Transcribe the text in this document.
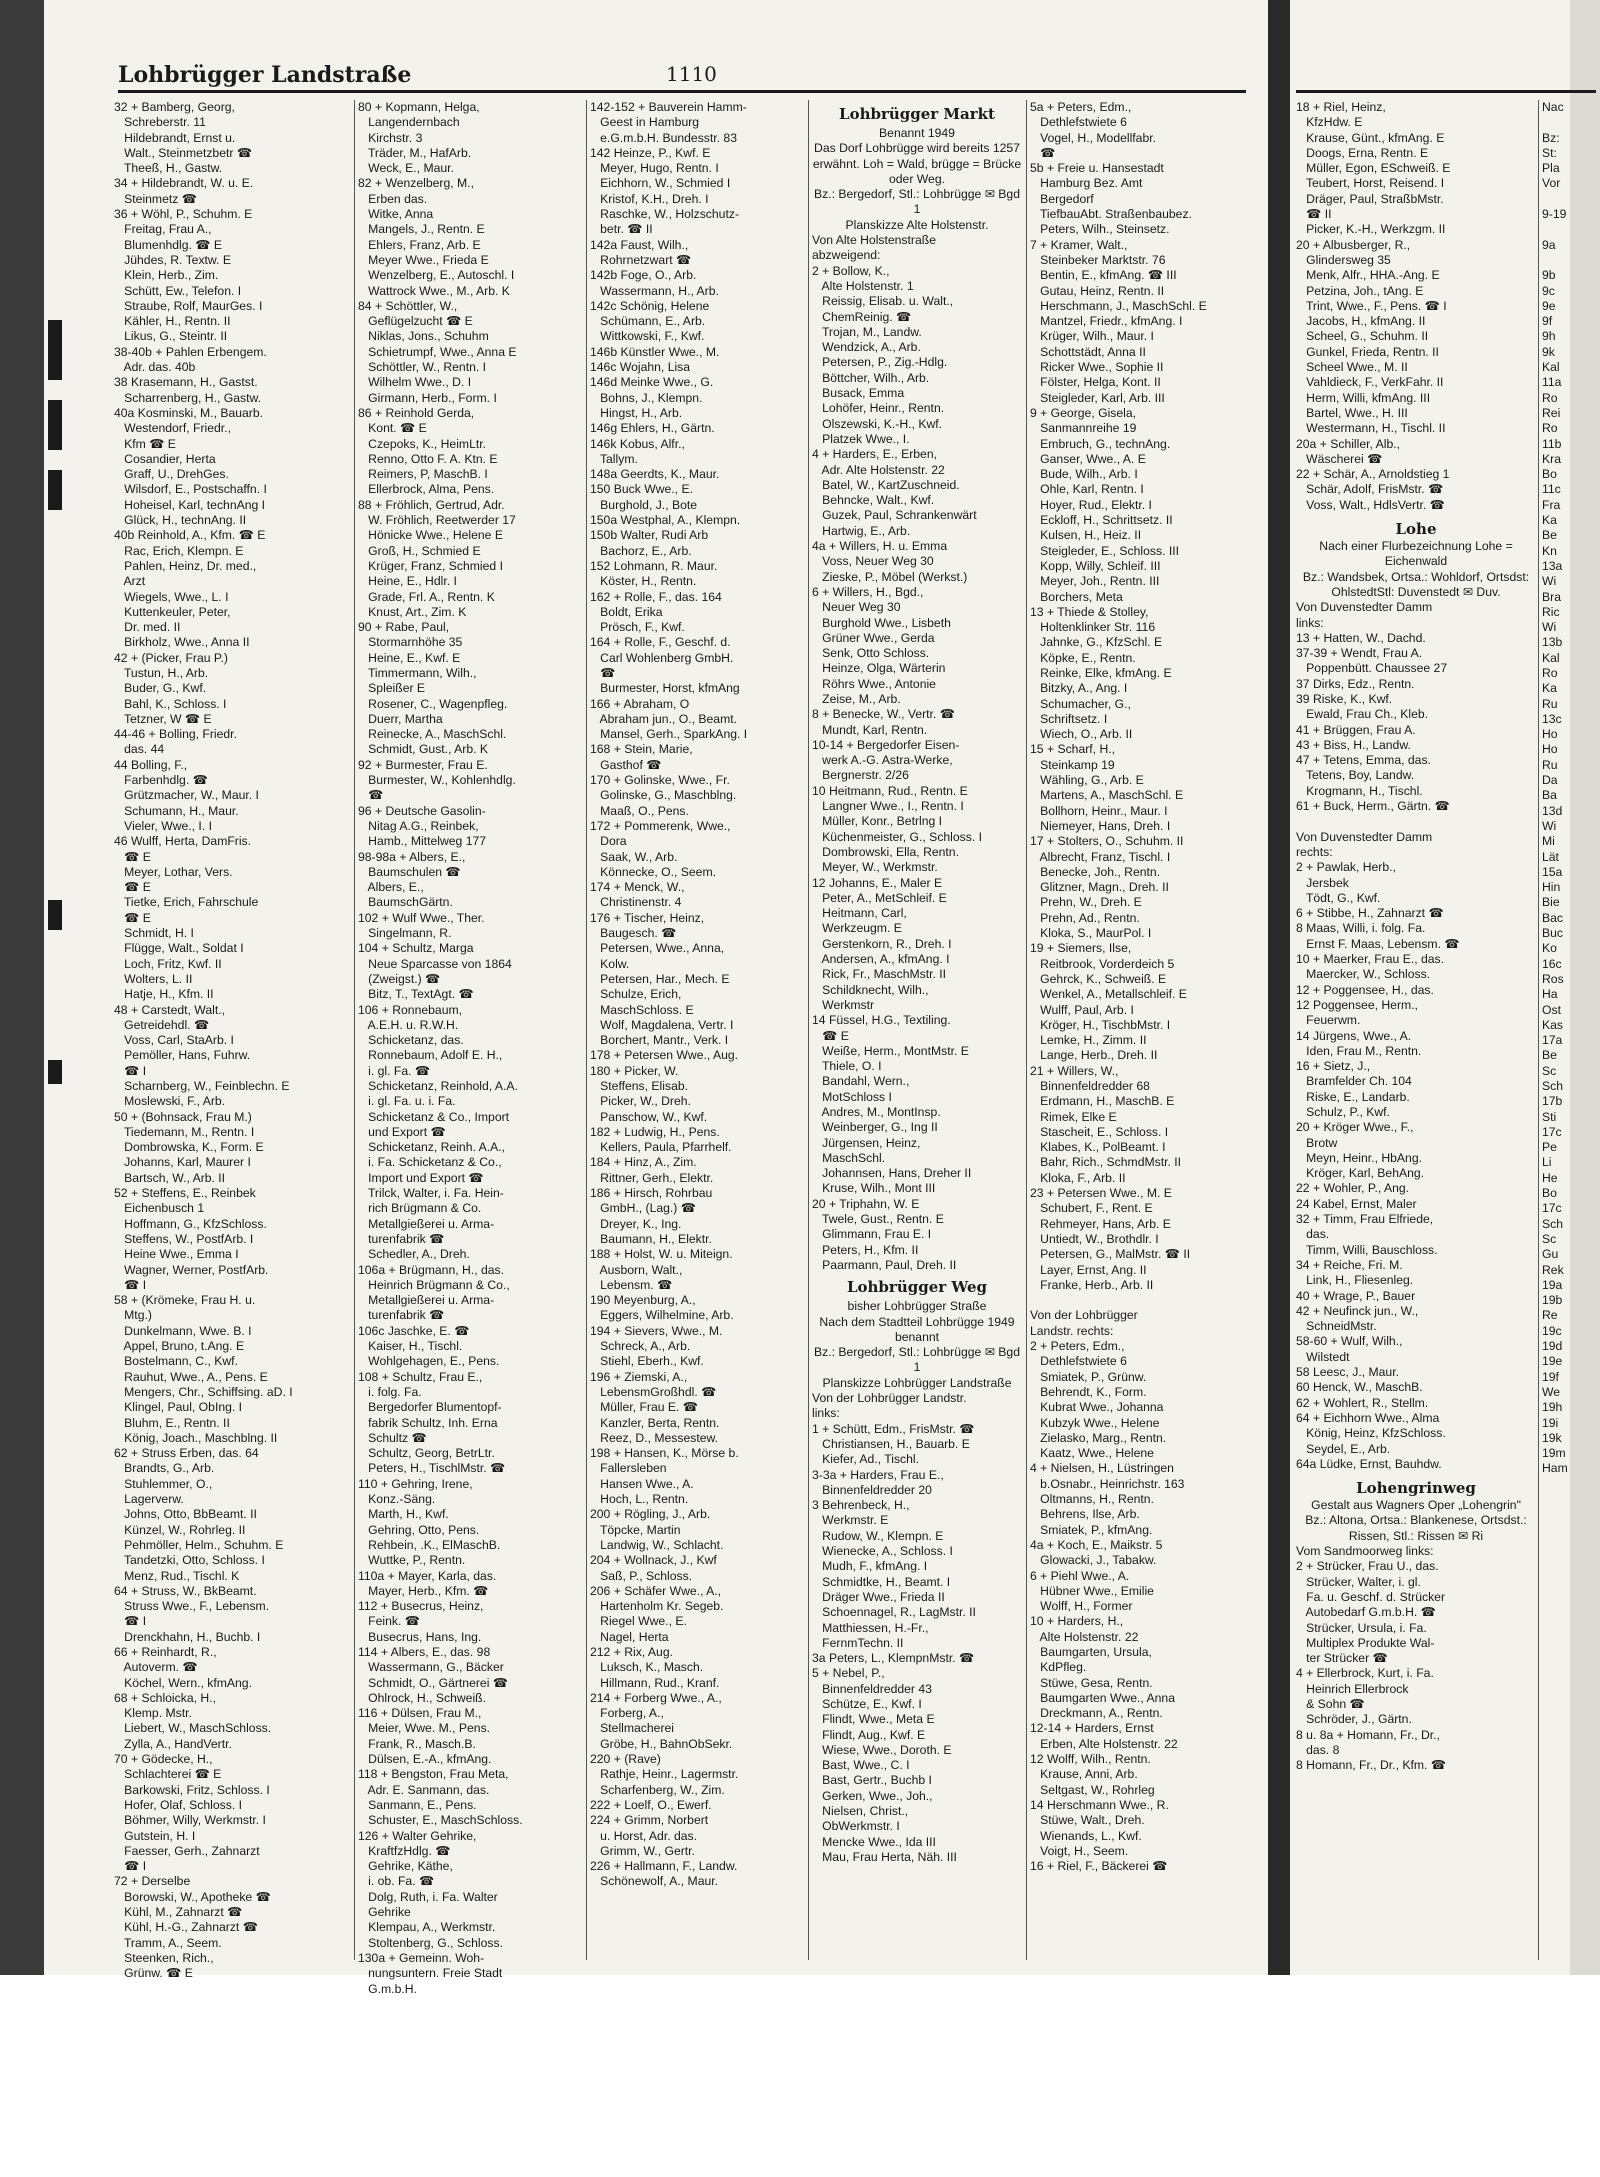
Lohbrügger Landstraße	1110
32 + Bamberg, Georg,
Schreberstr. 11
Hildebrandt, Ernst u.
Walt., Steinmetzbetr ☎
Theeß, H., Gastw.
34 + Hildebrandt, W. u. E.
Steinmetz ☎
36 + Wöhl, P., Schuhm. E
Freitag, Frau A.,
Blumenhdlg. ☎ E
Jühdes, R. Textw. E
Klein, Herb., Zim.
Schütt, Ew., Telefon. I
Straube, Rolf, MaurGes. I
Kähler, H., Rentn. II
Likus, G., Steintr. II
38-40b + Pahlen Erbengem.
Adr. das. 40b
38 Krasemann, H., Gastst.
Scharrenberg, H., Gastw.
40a Kosminski, M., Bauarb.
Westendorf, Friedr.,
Kfm ☎ E
Cosandier, Herta
Graff, U., DrehGes.
Wilsdorf, E., Postschaffn. I
Hoheisel, Karl, technAng I
Glück, H., technAng. II
40b Reinhold, A., Kfm. ☎ E
Rac, Erich, Klempn. E
Pahlen, Heinz, Dr. med.,
Arzt
Wiegels, Wwe., L. I
Kuttenkeuler, Peter,
Dr. med. II
Birkholz, Wwe., Anna II
42 + (Picker, Frau P.)
Tustun, H., Arb.
Buder, G., Kwf.
Bahl, K., Schloss. I
Tetzner, W ☎ E
44-46 + Bolling, Friedr.
das. 44
44 Bolling, F.,
Farbenhdlg. ☎
Grützmacher, W., Maur. I
Schumann, H., Maur.
Vieler, Wwe., I. I
46 Wulff, Herta, DamFris.
☎ E
Meyer, Lothar, Vers.
☎ E
Tietke, Erich, Fahrschule
☎ E
Schmidt, H. I
Flügge, Walt., Soldat I
Loch, Fritz, Kwf. II
Wolters, L. II
Hatje, H., Kfm. II
48 + Carstedt, Walt.,
Getreidehdl. ☎
Voss, Carl, StaArb. I
Pemöller, Hans, Fuhrw.
☎ I
Scharnberg, W., Feinblechn. E
Moslewski, F., Arb.
50 + (Bohnsack, Frau M.)
Tiedemann, M., Rentn. I
Dombrowska, K., Form. E
Johanns, Karl, Maurer I
Bartsch, W., Arb. II
52 + Steffens, E., Reinbek
Eichenbusch 1
Hoffmann, G., KfzSchloss.
Steffens, W., PostfArb. I
Heine Wwe., Emma I
Wagner, Werner, PostfArb.
☎ I
58 + (Krömeke, Frau H. u.
Mtg.)
Dunkelmann, Wwe. B. I
Appel, Bruno, t.Ang. E
Bostelmann, C., Kwf.
Rauhut, Wwe., A., Pens. E
Mengers, Chr., Schiffsing. aD. I
Klingel, Paul, ObIng. I
Bluhm, E., Rentn. II
König, Joach., Maschblng. II
62 + Struss Erben, das. 64
Brandts, G., Arb.
Stuhlemmer, O.,
Lagerverw.
Johns, Otto, BbBeamt. II
Künzel, W., Rohrleg. II
Pehmöller, Helm., Schuhm. E
Tandetzki, Otto, Schloss. I
Menz, Rud., Tischl. K
64 + Struss, W., BkBeamt.
Struss Wwe., F., Lebensm.
☎ I
Drenckhahn, H., Buchb. I
66 + Reinhardt, R.,
Autoverm. ☎
Köchel, Wern., kfmAng.
68 + Schloicka, H.,
Klemp. Mstr.
Liebert, W., MaschSchloss.
Zylla, A., HandVertr.
70 + Gödecke, H.,
Schlachterei ☎ E
Barkowski, Fritz, Schloss. I
Hofer, Olaf, Schloss. I
Böhmer, Willy, Werkmstr. I
Gutstein, H. I
Faesser, Gerh., Zahnarzt
☎ I
72 + Derselbe
Borowski, W., Apotheke ☎
Kühl, M., Zahnarzt ☎
Kühl, H.-G., Zahnarzt ☎
Tramm, A., Seem.
Steenken, Rich.,
Grünw. ☎ E
80 + Kopmann, Helga,
Langendernbach
Kirchstr. 3
Träder, M., HafArb.
Weck, E., Maur.
82 + Wenzelberg, M.,
Erben das.
Witke, Anna
Mangels, J., Rentn. E
Ehlers, Franz, Arb. E
Meyer Wwe., Frieda E
Wenzelberg, E., Autoschl. I
Wattrock Wwe., M., Arb. K
84 + Schöttler, W.,
Geflügelzucht ☎ E
Niklas, Jons., Schuhm
Schietrumpf, Wwe., Anna E
Schöttler, W., Rentn. I
Wilhelm Wwe., D. I
Girmann, Herb., Form. I
86 + Reinhold Gerda,
Kont. ☎ E
Czepoks, K., HeimLtr.
Renno, Otto F. A. Ktn. E
Reimers, P, MaschB. I
Ellerbrock, Alma, Pens.
88 + Fröhlich, Gertrud, Adr.
W. Fröhlich, Reetwerder 17
Hönicke Wwe., Helene E
Groß, H., Schmied E
Krüger, Franz, Schmied I
Heine, E., Hdlr. I
Grade, Frl. A., Rentn. K
Knust, Art., Zim. K
90 + Rabe, Paul,
Stormarnhöhe 35
Heine, E., Kwf. E
Timmermann, Wilh.,
Spleißer E
Rosener, C., Wagenpfleg.
Duerr, Martha
Reinecke, A., MaschSchl.
Schmidt, Gust., Arb. K
92 + Burmester, Frau E.
Burmester, W., Kohlenhdlg.
☎
96 + Deutsche Gasolin-
Nitag A.G., Reinbek,
Hamb., Mittelweg 177
98-98a + Albers, E.,
Baumschulen ☎
Albers, E.,
BaumschGärtn.
102 + Wulf Wwe., Ther.
Singelmann, R.
104 + Schultz, Marga
Neue Sparcasse von 1864
(Zweigst.) ☎
Bitz, T., TextAgt. ☎
106 + Ronnebaum,
A.E.H. u. R.W.H.
Schicketanz, das.
Ronnebaum, Adolf E. H.,
i. gl. Fa. ☎
Schicketanz, Reinhold, A.A.
i. gl. Fa. u. i. Fa.
Schicketanz & Co., Import
und Export ☎
Schicketanz, Reinh. A.A.,
i. Fa. Schicketanz & Co.,
Import und Export ☎
Trilck, Walter, i. Fa. Hein-
rich Brügmann & Co.
Metallgießerei u. Arma-
turenfabrik ☎
Schedler, A., Dreh.
106a + Brügmann, H., das.
Heinrich Brügmann & Co.,
Metallgießerei u. Arma-
turenfabrik ☎
106c Jaschke, E. ☎
Kaiser, H., Tischl.
Wohlgehagen, E., Pens.
108 + Schultz, Frau E.,
i. folg. Fa.
Bergedorfer Blumentopf-
fabrik Schultz, Inh. Erna
Schultz ☎
Schultz, Georg, BetrLtr.
Peters, H., TischlMstr. ☎
110 + Gehring, Irene,
Konz.-Säng.
Marth, H., Kwf.
Gehring, Otto, Pens.
Rehbein, .K., ElMaschB.
Wuttke, P., Rentn.
110a + Mayer, Karla, das.
Mayer, Herb., Kfm. ☎
112 + Busecrus, Heinz,
Feink. ☎
Busecrus, Hans, Ing.
114 + Albers, E., das. 98
Wassermann, G., Bäcker
Schmidt, O., Gärtnerei ☎
Ohlrock, H., Schweiß.
116 + Dülsen, Frau M.,
Meier, Wwe. M., Pens.
Frank, R., Masch.B.
Dülsen, E.-A., kfmAng.
118 + Bengston, Frau Meta,
Adr. E. Sanmann, das.
Sanmann, E., Pens.
Schuster, E., MaschSchloss.
126 + Walter Gehrike,
KraftfzHdlg. ☎
Gehrike, Käthe,
i. ob. Fa. ☎
Dolg, Ruth, i. Fa. Walter
Gehrike
Klempau, A., Werkmstr.
Stoltenberg, G., Schloss.
130a + Gemeinn. Woh-
nungsuntern. Freie Stadt
G.m.b.H.
142-152 + Bauverein Hamm-
Geest in Hamburg
e.G.m.b.H. Bundesstr. 83
142 Heinze, P., Kwf. E
Meyer, Hugo, Rentn. I
Eichhorn, W., Schmied I
Kristof, K.H., Dreh. I
Raschke, W., Holzschutz-
betr. ☎ II
142a Faust, Wilh.,
Rohrnetzwart ☎
142b Foge, O., Arb.
Wassermann, H., Arb.
142c Schönig, Helene
Schümann, E., Arb.
Wittkowski, F., Kwf.
146b Künstler Wwe., M.
146c Wojahn, Lisa
146d Meinke Wwe., G.
Bohns, J., Klempn.
Hingst, H., Arb.
146g Ehlers, H., Gärtn.
146k Kobus, Alfr.,
Tallym.
148a Geerdts, K., Maur.
150 Buck Wwe., E.
Burghold, J., Bote
150a Westphal, A., Klempn.
150b Walter, Rudi Arb
Bachorz, E., Arb.
152 Lohmann, R. Maur.
Köster, H., Rentn.
162 + Rolle, F., das. 164
Boldt, Erika
Prösch, F., Kwf.
164 + Rolle, F., Geschf. d.
Carl Wohlenberg GmbH.
☎
Burmester, Horst, kfmAng
166 + Abraham, O
Abraham jun., O., Beamt.
Mansel, Gerh., SparkAng. I
168 + Stein, Marie,
Gasthof ☎
170 + Golinske, Wwe., Fr.
Golinske, G., Maschblng.
Maaß, O., Pens.
172 + Pommerenk, Wwe.,
Dora
Saak, W., Arb.
Könnecke, O., Seem.
174 + Menck, W.,
Christinenstr. 4
176 + Tischer, Heinz,
Baugesch. ☎
Petersen, Wwe., Anna,
Kolw.
Petersen, Har., Mech. E
Schulze, Erich,
MaschSchloss. E
Wolf, Magdalena, Vertr. I
Borchert, Mantr., Verk. I
178 + Petersen Wwe., Aug.
180 + Picker, W.
Steffens, Elisab.
Picker, W., Dreh.
Panschow, W., Kwf.
182 + Ludwig, H., Pens.
Kellers, Paula, Pfarrhelf.
184 + Hinz, A., Zim.
Rittner, Gerh., Elektr.
186 + Hirsch, Rohrbau
GmbH., (Lag.) ☎
Dreyer, K., Ing.
Baumann, H., Elektr.
188 + Holst, W. u. Miteign.
Ausborn, Walt.,
Lebensm. ☎
190 Meyenburg, A.,
Eggers, Wilhelmine, Arb.
194 + Sievers, Wwe., M.
Schreck, A., Arb.
Stiehl, Eberh., Kwf.
196 + Ziemski, A.,
LebensmGroßhdl. ☎
Müller, Frau E. ☎
Kanzler, Berta, Rentn.
Reez, D., Messestew.
198 + Hansen, K., Mörse b.
Fallersleben
Hansen Wwe., A.
Hoch, L., Rentn.
200 + Rögling, J., Arb.
Töpcke, Martin
Landwig, W., Schlacht.
204 + Wollnack, J., Kwf
Saß, P., Schloss.
206 + Schäfer Wwe., A.,
Hartenholm Kr. Segeb.
Riegel Wwe., E.
Nagel, Herta
212 + Rix, Aug.
Luksch, K., Masch.
Hillmann, Rud., Kranf.
214 + Forberg Wwe., A.,
Forberg, A.,
Stellmacherei
Gröbe, H., BahnObSekr.
220 + (Rave)
Rathje, Heinr., Lagermstr.
Scharfenberg, W., Zim.
222 + Loelf, O., Ewerf.
224 + Grimm, Norbert
u. Horst, Adr. das.
Grimm, W., Gertr.
226 + Hallmann, F., Landw.
Schönewolf, A., Maur.
Lohbrügger Markt
Benannt 1949
Das Dorf Lohbrügge wird bereits 1257 erwähnt. Loh = Wald, brügge = Brücke oder Weg.
Bz.: Bergedorf, Stl.: Lohbrügge ✉ Bgd 1
Planskizze Alte Holstenstr.
Von Alte Holstenstraße
abzweigend:
2 + Bollow, K.,
Alte Holstenstr. 1
Reissig, Elisab. u. Walt.,
ChemReinig. ☎
Trojan, M., Landw.
Wendzick, A., Arb.
Petersen, P., Zig.-Hdlg.
Böttcher, Wilh., Arb.
Busack, Emma
Lohöfer, Heinr., Rentn.
Olszewski, K.-H., Kwf.
Platzek Wwe., I.
4 + Harders, E., Erben,
Adr. Alte Holstenstr. 22
Batel, W., KartZuschneid.
Behncke, Walt., Kwf.
Guzek, Paul, Schrankenwärt
Hartwig, E., Arb.
4a + Willers, H. u. Emma
Voss, Neuer Weg 30
Zieske, P., Möbel (Werkst.)
6 + Willers, H., Bgd.,
Neuer Weg 30
Burghold Wwe., Lisbeth
Grüner Wwe., Gerda
Senk, Otto Schloss.
Heinze, Olga, Wärterin
Röhrs Wwe., Antonie
Zeise, M., Arb.
8 + Benecke, W., Vertr. ☎
Mundt, Karl, Rentn.
10-14 + Bergedorfer Eisen-
werk A.-G. Astra-Werke,
Bergnerstr. 2/26
10 Heitmann, Rud., Rentn. E
Langner Wwe., I., Rentn. I
Müller, Konr., Betrlng I
Küchenmeister, G., Schloss. I
Dombrowski, Ella, Rentn.
Meyer, W., Werkmstr.
12 Johanns, E., Maler E
Peter, A., MetSchleif. E
Heitmann, Carl,
Werkzeugm. E
Gerstenkorn, R., Dreh. I
Andersen, A., kfmAng. I
Rick, Fr., MaschMstr. II
Schildknecht, Wilh.,
Werkmstr
14 Füssel, H.G., Textiling.
☎ E
Weiße, Herm., MontMstr. E
Thiele, O. I
Bandahl, Wern.,
MotSchloss I
Andres, M., MontInsp.
Weinberger, G., Ing II
Jürgensen, Heinz,
MaschSchl.
Johannsen, Hans, Dreher II
Kruse, Wilh., Mont III
20 + Triphahn, W. E
Twele, Gust., Rentn. E
Glimmann, Frau E. I
Peters, H., Kfm. II
Paarmann, Paul, Dreh. II
Lohbrügger Weg
bisher Lohbrügger Straße
Nach dem Stadtteil Lohbrügge 1949 benannt
Bz.: Bergedorf, Stl.: Lohbrügge ✉ Bgd 1
Planskizze Lohbrügger Landstraße
Von der Lohbrügger Landstr.
links:
1 + Schütt, Edm., FrisMstr. ☎
Christiansen, H., Bauarb. E
Kiefer, Ad., Tischl.
3-3a + Harders, Frau E.,
Binnenfeldredder 20
3 Behrenbeck, H.,
Werkmstr. E
Rudow, W., Klempn. E
Wienecke, A., Schloss. I
Mudh, F., kfmAng. I
Schmidtke, H., Beamt. I
Dräger Wwe., Frieda II
Schoennagel, R., LagMstr. II
Matthiessen, H.-Fr.,
FernmTechn. II
3a Peters, L., KlempnMstr. ☎
5 + Nebel, P.,
Binnenfeldredder 43
Schütze, E., Kwf. I
Flindt, Wwe., Meta E
Flindt, Aug., Kwf. E
Wiese, Wwe., Doroth. E
Bast, Wwe., C. I
Bast, Gertr., Buchb I
Gerken, Wwe., Joh.,
Nielsen, Christ.,
ObWerkmstr. I
Mencke Wwe., Ida III
Mau, Frau Herta, Näh. III
5a + Peters, Edm.,
Dethlefstwiete 6
Vogel, H., Modellfabr.
☎
5b + Freie u. Hansestadt
Hamburg Bez. Amt
Bergedorf
TiefbauAbt. Straßenbaubez.
Peters, Wilh., Steinsetz.
7 + Kramer, Walt.,
Steinbeker Marktstr. 76
Bentin, E., kfmAng. ☎ III
Gutau, Heinz, Rentn. II
Herschmann, J., MaschSchl. E
Mantzel, Friedr., kfmAng. I
Krüger, Wilh., Maur. I
Schottstädt, Anna II
Ricker Wwe., Sophie II
Fölster, Helga, Kont. II
Steigleder, Karl, Arb. III
9 + George, Gisela,
Sanmannreihe 19
Embruch, G., technAng.
Ganser, Wwe., A. E
Bude, Wilh., Arb. I
Ohle, Karl, Rentn. I
Hoyer, Rud., Elektr. I
Eckloff, H., Schrittsetz. II
Kulsen, H., Heiz. II
Steigleder, E., Schloss. III
Kopp, Willy, Schleif. III
Meyer, Joh., Rentn. III
Borchers, Meta
13 + Thiede & Stolley,
Holtenklinker Str. 116
Jahnke, G., KfzSchl. E
Köpke, E., Rentn.
Reinke, Elke, kfmAng. E
Bitzky, A., Ang. I
Schumacher, G.,
Schriftsetz. I
Wiech, O., Arb. II
15 + Scharf, H.,
Steinkamp 19
Wähling, G., Arb. E
Martens, A., MaschSchl. E
Bollhorn, Heinr., Maur. I
Niemeyer, Hans, Dreh. I
17 + Stolters, O., Schuhm. II
Albrecht, Franz, Tischl. I
Benecke, Joh., Rentn.
Glitzner, Magn., Dreh. II
Prehn, W., Dreh. E
Prehn, Ad., Rentn.
Kloka, S., MaurPol. I
19 + Siemers, Ilse,
Reitbrook, Vorderdeich 5
Gehrck, K., Schweiß. E
Wenkel, A., Metallschleif. E
Wulff, Paul, Arb. I
Kröger, H., TischbMstr. I
Lemke, H., Zimm. II
Lange, Herb., Dreh. II
21 + Willers, W.,
Binnenfeldredder 68
Erdmann, H., MaschB. E
Rimek, Elke E
Stascheit, E., Schloss. I
Klabes, K., PolBeamt. I
Bahr, Rich., SchmdMstr. II
Kloka, F., Arb. II
23 + Petersen Wwe., M. E
Schubert, F., Rent. E
Rehmeyer, Hans, Arb. E
Untiedt, W., Brothdlr. I
Petersen, G., MalMstr. ☎ II
Layer, Ernst, Ang. II
Franke, Herb., Arb. II

Von der Lohbrügger
Landstr. rechts:
2 + Peters, Edm.,
Dethlefstwiete 6
Smiatek, P., Grünw.
Behrendt, K., Form.
Kubrat Wwe., Johanna
Kubzyk Wwe., Helene
Zielasko, Marg., Rentn.
Kaatz, Wwe., Helene
4 + Nielsen, H., Lüstringen
b.Osnabr., Heinrichstr. 163
Oltmanns, H., Rentn.
Behrens, Ilse, Arb.
Smiatek, P., kfmAng.
4a + Koch, E., Maikstr. 5
Glowacki, J., Tabakw.
6 + Piehl Wwe., A.
Hübner Wwe., Emilie
Wolff, H., Former
10 + Harders, H.,
Alte Holstenstr. 22
Baumgarten, Ursula,
KdPfleg.
Stüwe, Gesa, Rentn.
Baumgarten Wwe., Anna
Dreckmann, A., Rentn.
12-14 + Harders, Ernst
Erben, Alte Holstenstr. 22
12 Wolff, Wilh., Rentn.
Krause, Anni, Arb.
Seltgast, W., Rohrleg
14 Herschmann Wwe., R.
Stüwe, Walt., Dreh.
Wienands, L., Kwf.
Voigt, H., Seem.
16 + Riel, F., Bäckerei ☎
18 + Riel, Heinz,
KfzHdw. E
Krause, Günt., kfmAng. E
Doogs, Erna, Rentn. E
Müller, Egon, ESchweiß. E
Teubert, Horst, Reisend. I
Dräger, Paul, StraßbMstr.
☎ II
Picker, K.-H., Werkzgm. II
20 + Albusberger, R.,
Glindersweg 35
Menk, Alfr., HHA.-Ang. E
Petzina, Joh., tAng. E
Trint, Wwe., F., Pens. ☎ I
Jacobs, H., kfmAng. II
Scheel, G., Schuhm. II
Gunkel, Frieda, Rentn. II
Scheel Wwe., M. II
Vahldieck, F., VerkFahr. II
Herm, Willi, kfmAng. III
Bartel, Wwe., H. III
Westermann, H., Tischl. II
20a + Schiller, Alb.,
Wäscherei ☎
22 + Schär, A., Arnoldstieg 1
Schär, Adolf, FrisMstr. ☎
Voss, Walt., HdlsVertr. ☎
Lohe
Nach einer Flurbezeichnung Lohe = Eichenwald
Bz.: Wandsbek, Ortsa.: Wohldorf, Ortsdst: OhlstedtStl: Duvenstedt ✉ Duv.
Von Duvenstedter Damm
links:
13 + Hatten, W., Dachd.
37-39 + Wendt, Frau A.
Poppenbütt. Chaussee 27
37 Dirks, Edz., Rentn.
39 Riske, K., Kwf.
Ewald, Frau Ch., Kleb.
41 + Brüggen, Frau A.
43 + Biss, H., Landw.
47 + Tetens, Emma, das.
Tetens, Boy, Landw.
Krogmann, H., Tischl.
61 + Buck, Herm., Gärtn. ☎

Von Duvenstedter Damm
rechts:
2 + Pawlak, Herb.,
Jersbek
Tödt, G., Kwf.
6 + Stibbe, H., Zahnarzt ☎
8 Maas, Willi, i. folg. Fa.
Ernst F. Maas, Lebensm. ☎
10 + Maerker, Frau E., das.
Maercker, W., Schloss.
12 + Poggensee, H., das.
12 Poggensee, Herm.,
Feuerwm.
14 Jürgens, Wwe., A.
Iden, Frau M., Rentn.
16 + Sietz, J.,
Bramfelder Ch. 104
Riske, E., Landarb.
Schulz, P., Kwf.
20 + Kröger Wwe., F.,
Brotw
Meyn, Heinr., HbAng.
Kröger, Karl, BehAng.
22 + Wohler, P., Ang.
24 Kabel, Ernst, Maler
32 + Timm, Frau Elfriede,
das.
Timm, Willi, Bauschloss.
34 + Reiche, Fri. M.
Link, H., Fliesenleg.
40 + Wrage, P., Bauer
42 + Neufinck jun., W.,
SchneidMstr.
58-60 + Wulf, Wilh.,
Wilstedt
58 Leesc, J., Maur.
60 Henck, W., MaschB.
62 + Wohlert, R., Stellm.
64 + Eichhorn Wwe., Alma
König, Heinz, KfzSchloss.
Seydel, E., Arb.
64a Lüdke, Ernst, Bauhdw.
Lohengrinweg
Gestalt aus Wagners Oper „Lohengrin"
Bz.: Altona, Ortsa.: Blankenese, Ortsdst.: Rissen, Stl.: Rissen ✉ Ri
Vom Sandmoorweg links:
2 + Strücker, Frau U., das.
Strücker, Walter, i. gl.
Fa. u. Geschf. d. Strücker
Autobedarf G.m.b.H. ☎
Strücker, Ursula, i. Fa.
Multiplex Produkte Wal-
ter Strücker ☎
4 + Ellerbrock, Kurt, i. Fa.
Heinrich Ellerbrock
& Sohn ☎
Schröder, J., Gärtn.
8 u. 8a + Homann, Fr., Dr.,
das. 8
8 Homann, Fr., Dr., Kfm. ☎
Nac

Bz:
St:
Pla
Vor

9-19

9a

9b
9c
9e
9f
9h
9k
Kal
11a
Ro
Rei
Ro
11b
Kra
Bo
11c
Fra
Ka
Be
Kn
13a
Wi
Bra
Ric
Wi
13b
Kal
Ro
Ka
Ru
13c
Ho
Ho
Ru
Da
Ba
13d
Wi
Mi
Lät
15a
Hin
Bie
Bac
Buc
Ko
16c
Ros
Ha
Ost
Kas
17a
Be
Sc
Sch
17b
Sti
17c
Pe
Li
He
Bo
17c
Sch
Sc
Gu
Rek
19a
19b
Re
19c
19d
19e
19f
We
19h
19i
19k
19m
Ham
